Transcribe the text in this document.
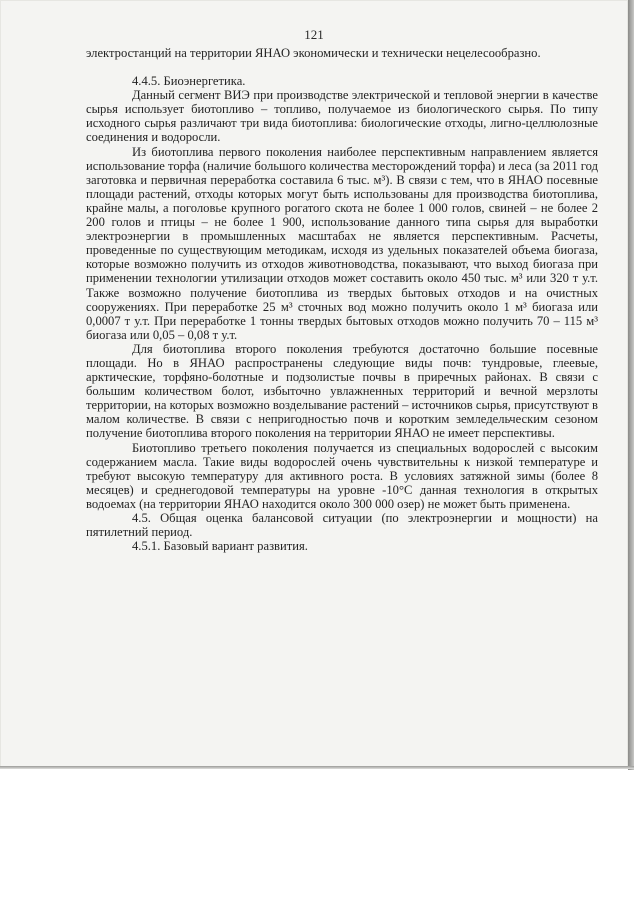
121

электростанций на территории ЯНАО экономически и технически нецелесообразно.

4.4.5. Биоэнергетика.

Данный сегмент ВИЭ при производстве электрической и тепловой энергии в качестве сырья использует биотопливо – топливо, получаемое из биологического сырья. По типу исходного сырья различают три вида биотоплива: биологические отходы, лигно-целлюлозные соединения и водоросли.

Из биотоплива первого поколения наиболее перспективным направлением является использование торфа (наличие большого количества месторождений торфа) и леса (за 2011 год заготовка и первичная переработка составила 6 тыс. м³). В связи с тем, что в ЯНАО посевные площади растений, отходы которых могут быть использованы для производства биотоплива, крайне малы, а поголовье крупного рогатого скота не более 1 000 голов, свиней – не более 2 200 голов и птицы – не более 1 900, использование данного типа сырья для выработки электроэнергии в промышленных масштабах не является перспективным. Расчеты, проведенные по существующим методикам, исходя из удельных показателей объема биогаза, которые возможно получить из отходов животноводства, показывают, что выход биогаза при применении технологии утилизации отходов может составить около 450 тыс. м³ или 320 т у.т. Также возможно получение биотоплива из твердых бытовых отходов и на очистных сооружениях. При переработке 25 м³ сточных вод можно получить около 1 м³ биогаза или 0,0007 т у.т. При переработке 1 тонны твердых бытовых отходов можно получить 70 – 115 м³ биогаза или 0,05 – 0,08 т у.т.

Для биотоплива второго поколения требуются достаточно большие посевные площади. Но в ЯНАО распространены следующие виды почв: тундровые, глеевые, арктические, торфяно-болотные и подзолистые почвы в приречных районах. В связи с большим количеством болот, избыточно увлажненных территорий и вечной мерзлоты территории, на которых возможно возделывание растений – источников сырья, присутствуют в малом количестве. В связи с непригодностью почв и коротким земледельческим сезоном получение биотоплива второго поколения на территории ЯНАО не имеет перспективы.

Биотопливо третьего поколения получается из специальных водорослей с высоким содержанием масла. Такие виды водорослей очень чувствительны к низкой температуре и требуют высокую температуру для активного роста. В условиях затяжной зимы (более 8 месяцев) и среднегодовой температуры на уровне -10°С данная технология в открытых водоемах (на территории ЯНАО находится около 300 000 озер) не может быть применена.

4.5. Общая оценка балансовой ситуации (по электроэнергии и мощности) на пятилетний период.

4.5.1. Базовый вариант развития.
